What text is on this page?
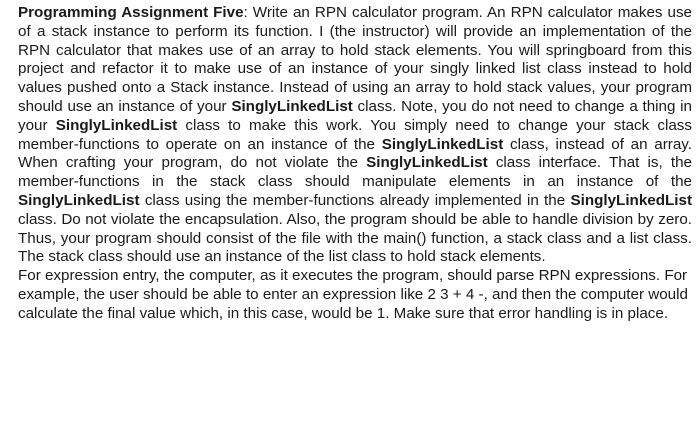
Programming Assignment Five: Write an RPN calculator program. An RPN calculator makes use of a stack instance to perform its function. I (the instructor) will provide an implementation of the RPN calculator that makes use of an array to hold stack elements. You will springboard from this project and refactor it to make use of an instance of your singly linked list class instead to hold values pushed onto a Stack instance. Instead of using an array to hold stack values, your program should use an instance of your SinglyLinkedList class. Note, you do not need to change a thing in your SinglyLinkedList class to make this work. You simply need to change your stack class member-functions to operate on an instance of the SinglyLinkedList class, instead of an array. When crafting your program, do not violate the SinglyLinkedList class interface. That is, the member-functions in the stack class should manipulate elements in an instance of the SinglyLinkedList class using the member-functions already implemented in the SinglyLinkedList class. Do not violate the encapsulation. Also, the program should be able to handle division by zero. Thus, your program should consist of the file with the main() function, a stack class and a list class. The stack class should use an instance of the list class to hold stack elements.

For expression entry, the computer, as it executes the program, should parse RPN expressions. For example, the user should be able to enter an expression like 2 3 + 4 -, and then the computer would calculate the final value which, in this case, would be 1. Make sure that error handling is in place.
